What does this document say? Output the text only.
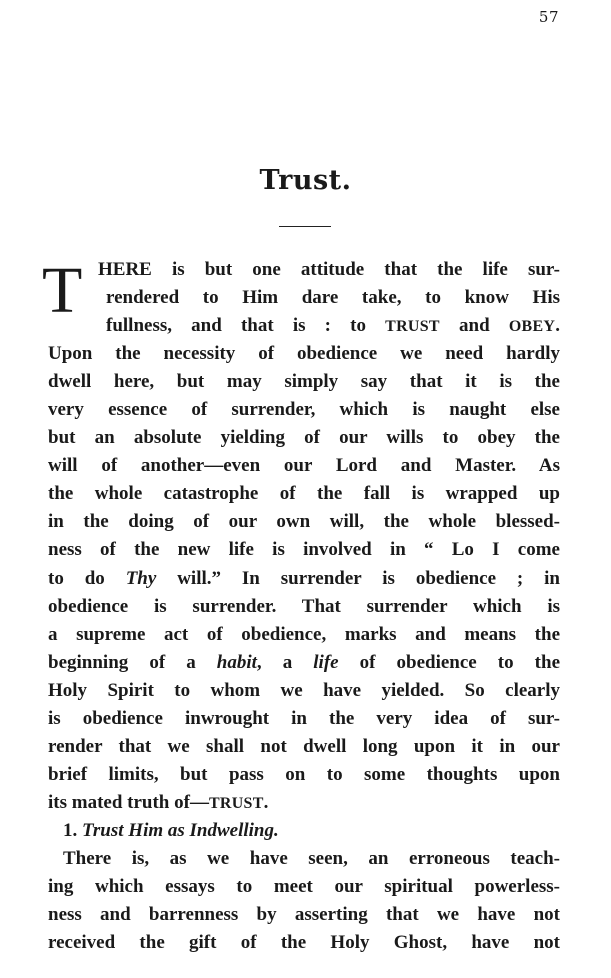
57
Trust.
T HERE is but one attitude that the life sur-
rendered to Him dare take, to know His
fullness, and that is : to TRUST and OBEY.
Upon the necessity of obedience we need hardly
dwell here, but may simply say that it is the
very essence of surrender, which is naught else
but an absolute yielding of our wills to obey the
will of another—even our Lord and Master. As
the whole catastrophe of the fall is wrapped up
in the doing of our own will, the whole blessed-
ness of the new life is involved in “ Lo I come
to do Thy will.” In surrender is obedience ; in
obedience is surrender. That surrender which is
a supreme act of obedience, marks and means the
beginning of a habit, a life of obedience to the
Holy Spirit to whom we have yielded. So clearly
is obedience inwrought in the very idea of sur-
render that we shall not dwell long upon it in our
brief limits, but pass on to some thoughts upon
its mated truth of—TRUST.
1. Trust Him as Indwelling.
There is, as we have seen, an erroneous teach-
ing which essays to meet our spiritual powerless-
ness and barrenness by asserting that we have not
received the gift of the Holy Ghost, have not
